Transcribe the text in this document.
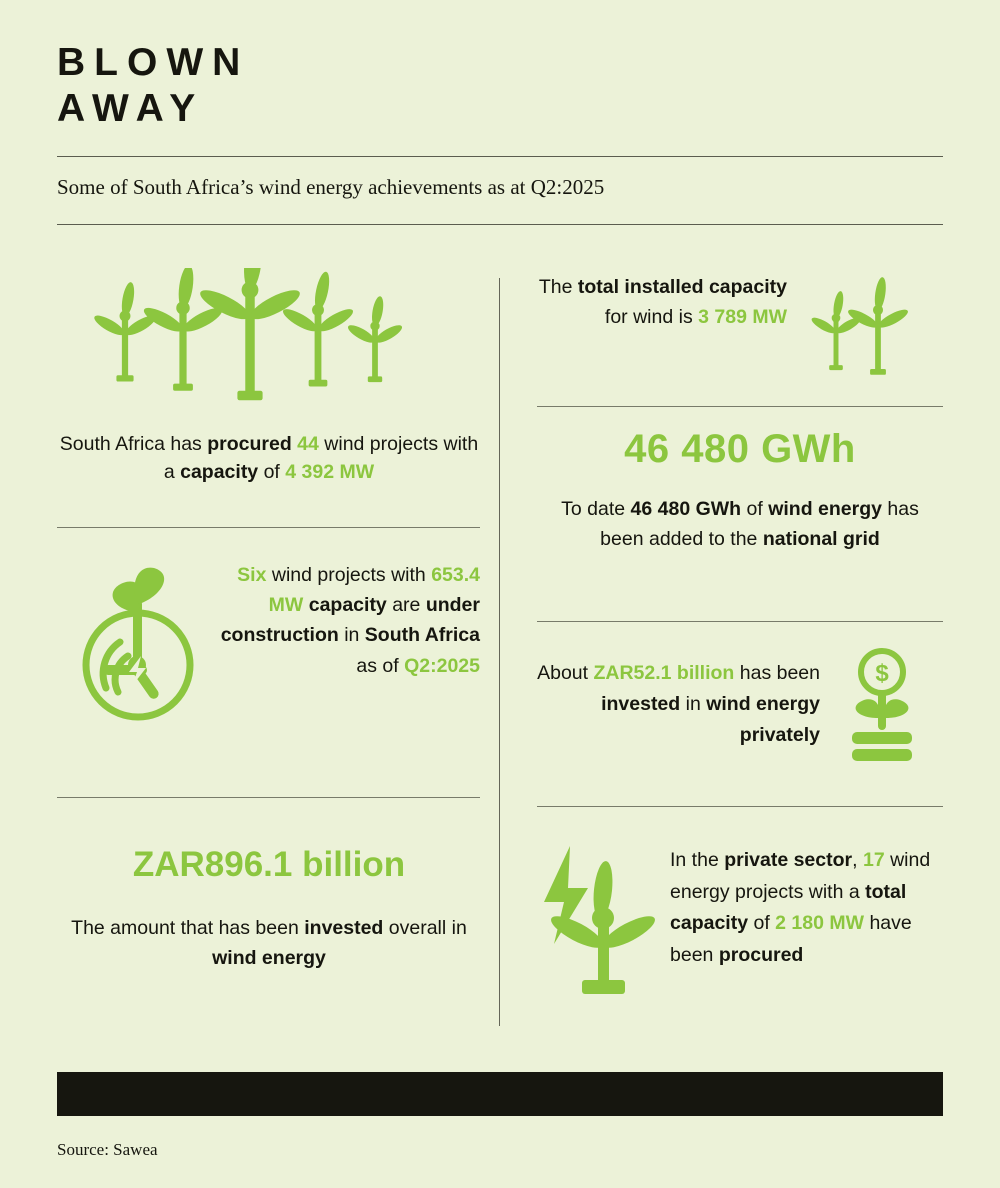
BLOWN
AWAY
Some of South Africa’s wind energy achievements as at Q2:2025
South Africa has procured 44 wind projects with a capacity of 4 392 MW
Six wind projects with 653.4 MW capacity are under construction in South Africa as of Q2:2025
ZAR896.1 billion
The amount that has been invested overall in wind energy
The total installed capacity for wind is 3 789 MW
46 480 GWh
To date 46 480 GWh of wind energy has been added to the national grid
About ZAR52.1 billion has been invested in wind energy privately
$
In the private sector, 17 wind energy projects with a total capacity of 2 180 MW have been procured
Source: Sawea
